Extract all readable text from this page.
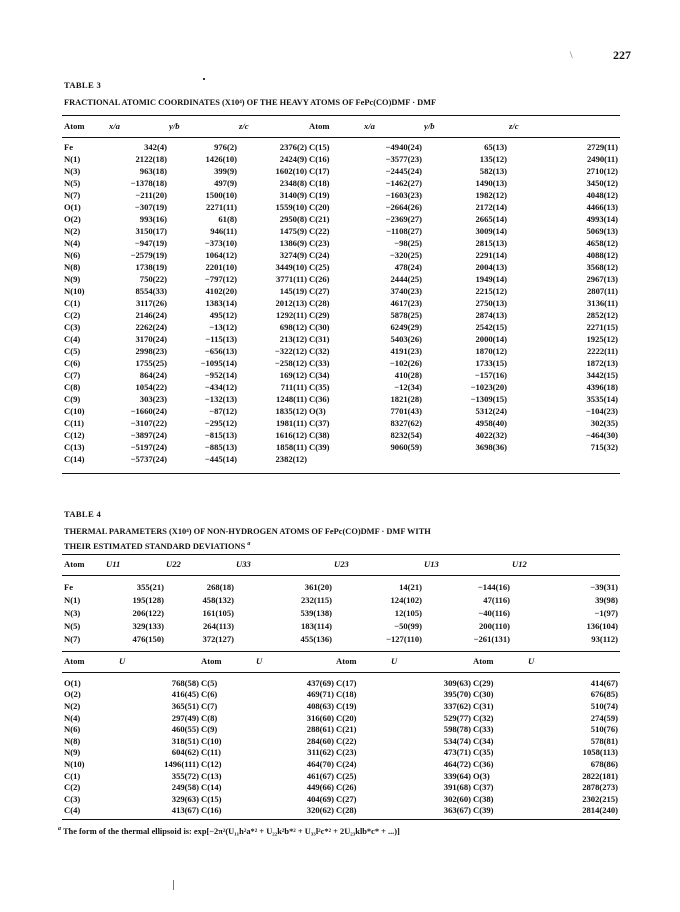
227
\
TABLE 3
FRACTIONAL ATOMIC COORDINATES (X10⁴) OF THE HEAVY ATOMS OF FePc(CO)DMF · DMF
Atom	x/a	y/b	z/c	Atom	x/a	y/b	z/c
Fe	342(4)	976(2)	2376(2)	C(15)	−4940(24)	65(13)	2729(11)
N(1)	2122(18)	1426(10)	2424(9)	C(16)	−3577(23)	135(12)	2490(11)
N(3)	963(18)	399(9)	1602(10)	C(17)	−2445(24)	582(13)	2710(12)
N(5)	−1378(18)	497(9)	2348(8)	C(18)	−1462(27)	1490(13)	3450(12)
N(7)	−211(20)	1500(10)	3140(9)	C(19)	−1603(23)	1982(12)	4048(12)
O(1)	−307(19)	2271(11)	1559(10)	C(20)	−2664(26)	2172(14)	4466(13)
O(2)	993(16)	61(8)	2950(8)	C(21)	−2369(27)	2665(14)	4993(14)
N(2)	3150(17)	946(11)	1475(9)	C(22)	−1108(27)	3009(14)	5069(13)
N(4)	−947(19)	−373(10)	1386(9)	C(23)	−98(25)	2815(13)	4658(12)
N(6)	−2579(19)	1064(12)	3274(9)	C(24)	−320(25)	2291(14)	4088(12)
N(8)	1738(19)	2201(10)	3449(10)	C(25)	478(24)	2004(13)	3568(12)
N(9)	750(22)	−797(12)	3771(11)	C(26)	2444(25)	1949(14)	2967(13)
N(10)	8554(33)	4102(20)	145(19)	C(27)	3740(23)	2215(12)	2807(11)
C(1)	3117(26)	1383(14)	2012(13)	C(28)	4617(23)	2750(13)	3136(11)
C(2)	2146(24)	495(12)	1292(11)	C(29)	5878(25)	2874(13)	2852(12)
C(3)	2262(24)	−13(12)	698(12)	C(30)	6249(29)	2542(15)	2271(15)
C(4)	3170(24)	−115(13)	213(12)	C(31)	5403(26)	2000(14)	1925(12)
C(5)	2998(23)	−656(13)	−322(12)	C(32)	4191(23)	1870(12)	2222(11)
C(6)	1755(25)	−1095(14)	−258(12)	C(33)	−102(26)	1733(15)	1872(13)
C(7)	864(24)	−952(14)	169(12)	C(34)	410(28)	−157(16)	3442(15)
C(8)	1054(22)	−434(12)	711(11)	C(35)	−12(34)	−1023(20)	4396(18)
C(9)	303(23)	−132(13)	1248(11)	C(36)	1821(28)	−1309(15)	3535(14)
C(10)	−1660(24)	−87(12)	1835(12)	O(3)	7701(43)	5312(24)	−104(23)
C(11)	−3107(22)	−295(12)	1981(11)	C(37)	8327(62)	4958(40)	302(35)
C(12)	−3897(24)	−815(13)	1616(12)	C(38)	8232(54)	4022(32)	−464(30)
C(13)	−5197(24)	−885(13)	1858(11)	C(39)	9060(59)	3698(36)	715(32)
C(14)	−5737(24)	−445(14)	2382(12)				
TABLE 4
THERMAL PARAMETERS (X10⁴) OF NON-HYDROGEN ATOMS OF FePc(CO)DMF · DMF WITH
THEIR ESTIMATED STANDARD DEVIATIONS $^a$
Atom	U11	U22	U33	U23	U13	U12
Fe	355(21)	268(18)	361(20)	14(21)	−144(16)	−39(31)
N(1)	195(128)	458(132)	232(115)	124(102)	47(116)	39(98)
N(3)	206(122)	161(105)	539(138)	12(105)	−40(116)	−1(97)
N(5)	329(133)	264(113)	183(114)	−50(99)	200(110)	136(104)
N(7)	476(150)	372(127)	455(136)	−127(110)	−261(131)	93(112)
Atom	U	Atom	U	Atom	U	Atom	U
O(1)	768(58)	C(5)	437(69)	C(17)	309(63)	C(29)	414(67)
O(2)	416(45)	C(6)	469(71)	C(18)	395(70)	C(30)	676(85)
N(2)	365(51)	C(7)	408(63)	C(19)	337(62)	C(31)	510(74)
N(4)	297(49)	C(8)	316(60)	C(20)	529(77)	C(32)	274(59)
N(6)	460(55)	C(9)	288(61)	C(21)	598(78)	C(33)	510(76)
N(8)	318(51)	C(10)	284(60)	C(22)	534(74)	C(34)	578(81)
N(9)	604(62)	C(11)	311(62)	C(23)	473(71)	C(35)	1058(113)
N(10)	1496(111)	C(12)	464(70)	C(24)	464(72)	C(36)	678(86)
C(1)	355(72)	C(13)	461(67)	C(25)	339(64)	O(3)	2822(181)
C(2)	249(58)	C(14)	449(66)	C(26)	391(68)	C(37)	2878(273)
C(3)	329(63)	C(15)	404(69)	C(27)	302(60)	C(38)	2302(215)
C(4)	413(67)	C(16)	320(62)	C(28)	363(67)	C(39)	2814(240)
$^a$ The form of the thermal ellipsoid is: exp[−2π²(U₁₁h²a*² + U₂₂k²b*² + U₃₃l²c*² + 2U₂₃klb*c* + ...)]
